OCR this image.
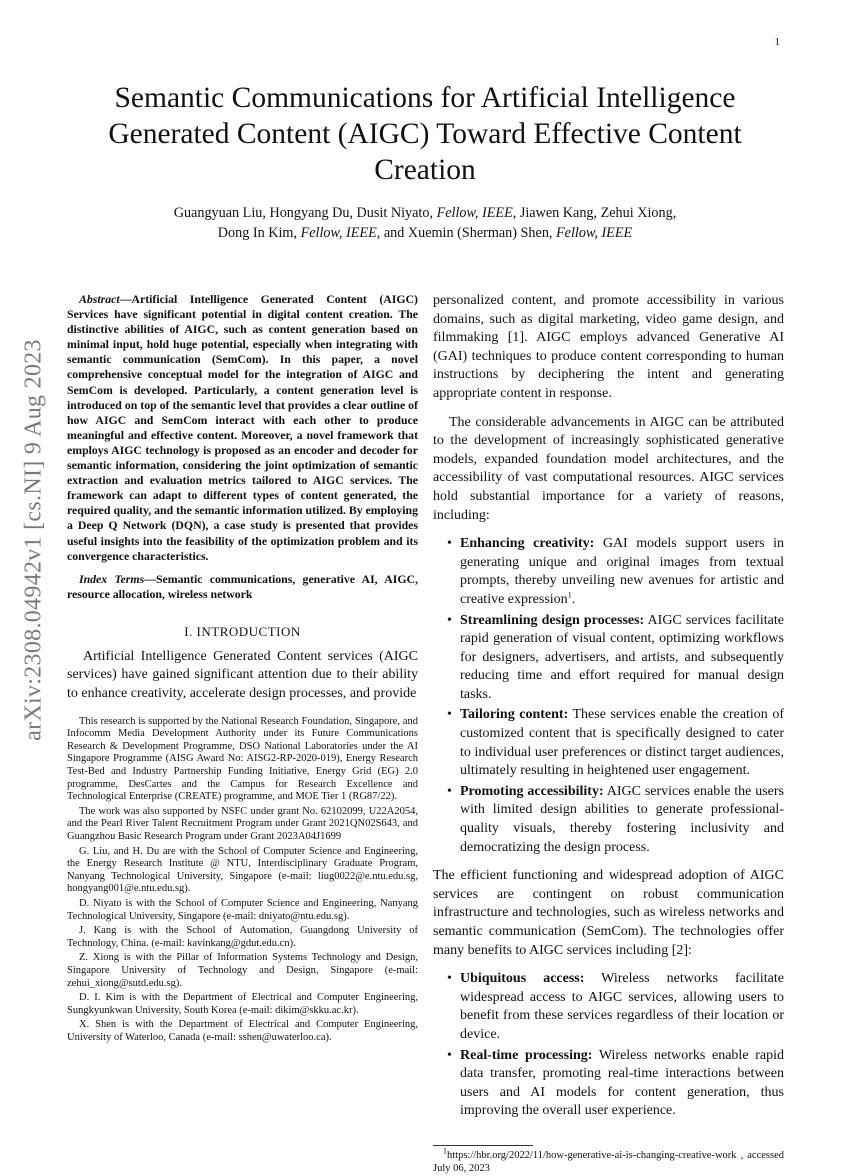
1
arXiv:2308.04942v1 [cs.NI] 9 Aug 2023
Semantic Communications for Artificial Intelligence Generated Content (AIGC) Toward Effective Content Creation
Guangyuan Liu, Hongyang Du, Dusit Niyato, Fellow, IEEE, Jiawen Kang, Zehui Xiong,
Dong In Kim, Fellow, IEEE, and Xuemin (Sherman) Shen, Fellow, IEEE

Abstract—Artificial Intelligence Generated Content (AIGC) Services have significant potential in digital content creation. The distinctive abilities of AIGC, such as content generation based on minimal input, hold huge potential, especially when integrating with semantic communication (SemCom). In this paper, a novel comprehensive conceptual model for the integration of AIGC and SemCom is developed. Particularly, a content generation level is introduced on top of the semantic level that provides a clear outline of how AIGC and SemCom interact with each other to produce meaningful and effective content. Moreover, a novel framework that employs AIGC technology is proposed as an encoder and decoder for semantic information, considering the joint optimization of semantic extraction and evaluation metrics tailored to AIGC services. The framework can adapt to different types of content generated, the required quality, and the semantic information utilized. By employing a Deep Q Network (DQN), a case study is presented that provides useful insights into the feasibility of the optimization problem and its convergence characteristics.

Index Terms—Semantic communications, generative AI, AIGC, resource allocation, wireless network

I. INTRODUCTION

Artificial Intelligence Generated Content services (AIGC services) have gained significant attention due to their ability to enhance creativity, accelerate design processes, and provide

This research is supported by the National Research Foundation, Singapore, and Infocomm Media Development Authority under its Future Communications Research & Development Programme, DSO National Laboratories under the AI Singapore Programme (AISG Award No: AISG2-RP-2020-019), Energy Research Test-Bed and Industry Partnership Funding Initiative, Energy Grid (EG) 2.0 programme, DesCartes and the Campus for Research Excellence and Technological Enterprise (CREATE) programme, and MOE Tier 1 (RG87/22).

The work was also supported by NSFC under grant No. 62102099, U22A2054, and the Pearl River Talent Recruitment Program under Grant 2021QN02S643, and Guangzhou Basic Research Program under Grant 2023A04J1699

G. Liu, and H. Du are with the School of Computer Science and Engineering, the Energy Research Institute @ NTU, Interdisciplinary Graduate Program, Nanyang Technological University, Singapore (e-mail: liug0022@e.ntu.edu.sg, hongyang001@e.ntu.edu.sg).

D. Niyato is with the School of Computer Science and Engineering, Nanyang Technological University, Singapore (e-mail: dniyato@ntu.edu.sg).

J. Kang is with the School of Automation, Guangdong University of Technology, China. (e-mail: kavinkang@gdut.edu.cn).

Z. Xiong is with the Pillar of Information Systems Technology and Design, Singapore University of Technology and Design, Singapore (e-mail: zehui_xiong@sutd.edu.sg).

D. I. Kim is with the Department of Electrical and Computer Engineering, Sungkyunkwan University, South Korea (e-mail: dikim@skku.ac.kr).

X. Shen is with the Department of Electrical and Computer Engineering, University of Waterloo, Canada (e-mail: sshen@uwaterloo.ca).

personalized content, and promote accessibility in various domains, such as digital marketing, video game design, and filmmaking [1]. AIGC employs advanced Generative AI (GAI) techniques to produce content corresponding to human instructions by deciphering the intent and generating appropriate content in response.

The considerable advancements in AIGC can be attributed to the development of increasingly sophisticated generative models, expanded foundation model architectures, and the accessibility of vast computational resources. AIGC services hold substantial importance for a variety of reasons, including:

• Enhancing creativity: GAI models support users in generating unique and original images from textual prompts, thereby unveiling new avenues for artistic and creative expression$^1$.
• Streamlining design processes: AIGC services facilitate rapid generation of visual content, optimizing workflows for designers, advertisers, and artists, and subsequently reducing time and effort required for manual design tasks.
• Tailoring content: These services enable the creation of customized content that is specifically designed to cater to individual user preferences or distinct target audiences, ultimately resulting in heightened user engagement.
• Promoting accessibility: AIGC services enable the users with limited design abilities to generate professional-quality visuals, thereby fostering inclusivity and democratizing the design process.

The efficient functioning and widespread adoption of AIGC services are contingent on robust communication infrastructure and technologies, such as wireless networks and semantic communication (SemCom). The technologies offer many benefits to AIGC services including [2]:

• Ubiquitous access: Wireless networks facilitate widespread access to AIGC services, allowing users to benefit from these services regardless of their location or device.
• Real-time processing: Wireless networks enable rapid data transfer, promoting real-time interactions between users and AI models for content generation, thus improving the overall user experience.

$^1$https://hbr.org/2022/11/how-generative-ai-is-changing-creative-work , accessed July 06, 2023
